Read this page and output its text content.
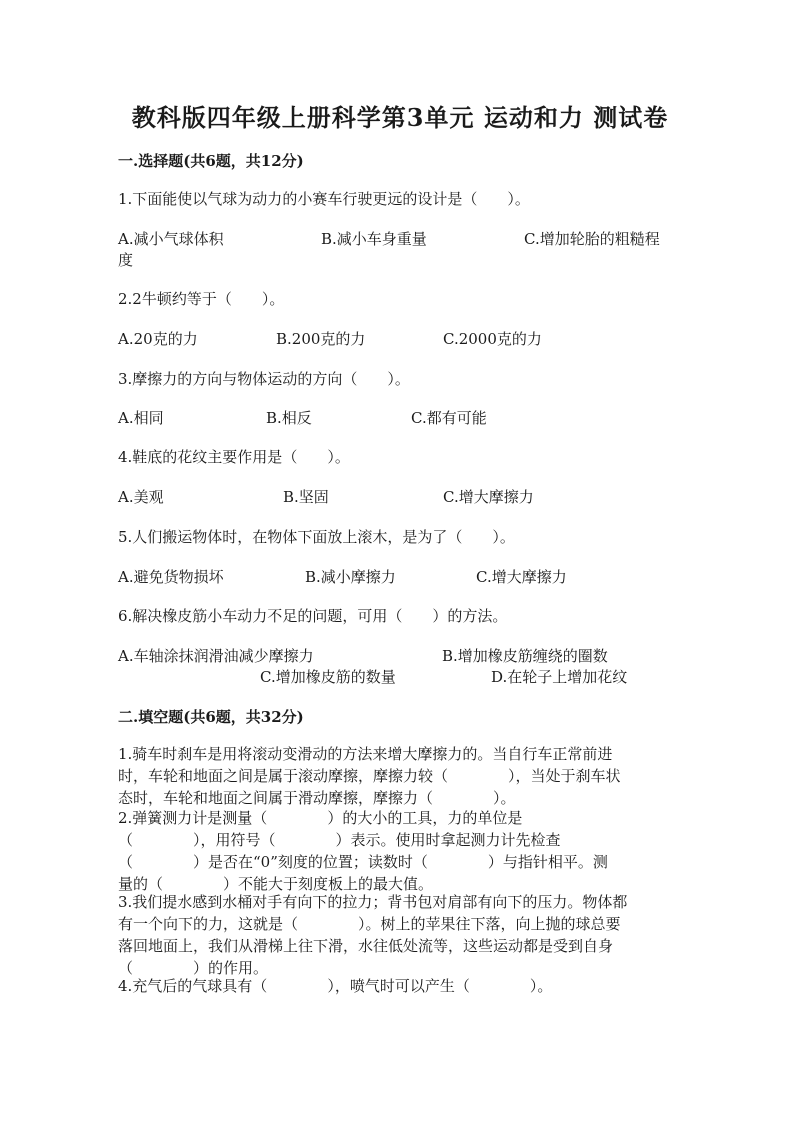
教科版四年级上册科学第3单元 运动和力 测试卷
一.选择题(共6题，共12分)
1.下面能使以气球为动力的小赛车行驶更远的设计是（　　）。
A.减小气球体积	B.减小车身重量	C.增加轮胎的粗糙程
度
2.2牛顿约等于（　　）。
A.20克的力	B.200克的力	C.2000克的力
3.摩擦力的方向与物体运动的方向（　　）。
A.相同	B.相反	C.都有可能
4.鞋底的花纹主要作用是（　　）。
A.美观	B.坚固	C.增大摩擦力
5.人们搬运物体时，在物体下面放上滚木，是为了（　　）。
A.避免货物损坏	B.减小摩擦力	C.增大摩擦力
6.解决橡皮筋小车动力不足的问题，可用（　　）的方法。
A.车轴涂抹润滑油减少摩擦力	B.增加橡皮筋缠绕的圈数
C.增加橡皮筋的数量	D.在轮子上增加花纹
二.填空题(共6题，共32分)
1.骑车时刹车是用将滚动变滑动的方法来增大摩擦力的。当自行车正常前进
时，车轮和地面之间是属于滚动摩擦，摩擦力较（　　　　），当处于刹车状
态时，车轮和地面之间属于滑动摩擦，摩擦力（　　　　）。
2.弹簧测力计是测量（　　　　）的大小的工具，力的单位是
（　　　　），用符号（　　　　）表示。使用时拿起测力计先检查
（　　　　）是否在“0”刻度的位置；读数时（　　　　）与指针相平。测
量的（　　　　）不能大于刻度板上的最大值。
3.我们提水感到水桶对手有向下的拉力；背书包对肩部有向下的压力。物体都
有一个向下的力，这就是（　　　　）。树上的苹果往下落，向上抛的球总要
落回地面上，我们从滑梯上往下滑，水往低处流等，这些运动都是受到自身
（　　　　）的作用。
4.充气后的气球具有（　　　　），喷气时可以产生（　　　　）。
